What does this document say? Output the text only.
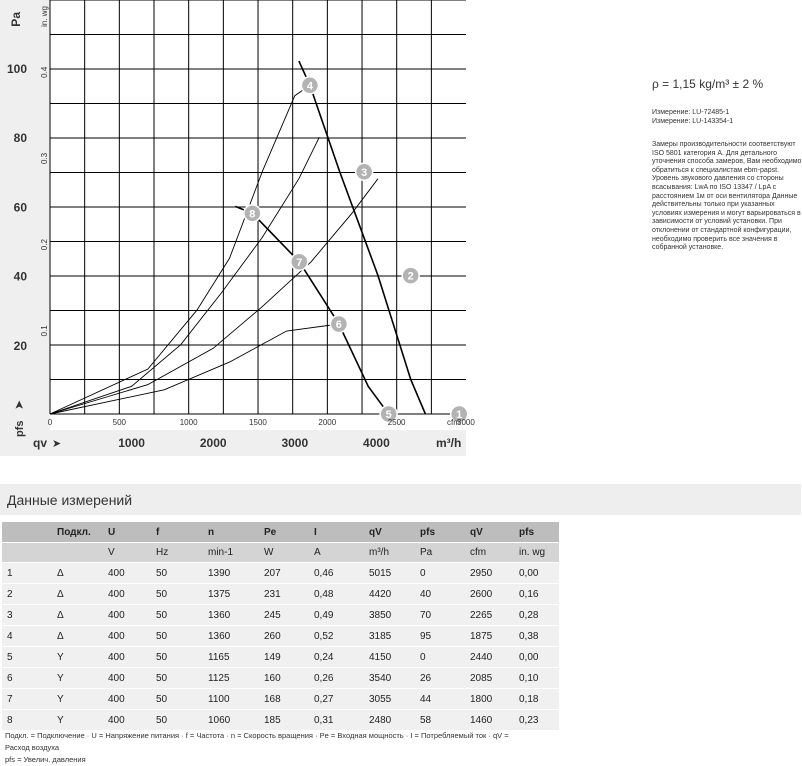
1
2
3
4
5
6
7
8
20
40
60
80
100
1000	2000	3000	4000
0	500	1000	1500	2000	2500	3000
0.1
0.2
0.3
0.4
Pa in. wg
pfs
➤
qv ➤	m³/h
cfm
ρ = 1,15 kg/m³ ± 2 %
Измерение: LU-72485-1
Измерение: LU-143354-1
Замеры производительности соответствуют ISO 5801 категория A. Для детального уточнения способа замеров, Вам необходимо обратиться к специалистам ebm-papst. Уровень звукового давления со стороны всасывания: LwA по ISO 13347 / LpA с расстоянием 1м от оси вентилятора Данные действительны только при указанных условиях измерения и могут варьироваться в зависимости от условий установки. При отклонении от стандартной конфигурации, необходимо проверить все значения в собранной установке.
Данные измерений
	Подкл.	U	f	n	Pe	I	qV	pfs	qV	pfs
		V	Hz	min-1	W	A	m³/h	Pa	cfm	in. wg
1	Δ	400	50	1390	207	0,46	5015	0	2950	0,00
2	Δ	400	50	1375	231	0,48	4420	40	2600	0,16
3	Δ	400	50	1360	245	0,49	3850	70	2265	0,28
4	Δ	400	50	1360	260	0,52	3185	95	1875	0,38
5	Y	400	50	1165	149	0,24	4150	0	2440	0,00
6	Y	400	50	1125	160	0,26	3540	26	2085	0,10
7	Y	400	50	1100	168	0,27	3055	44	1800	0,18
8	Y	400	50	1060	185	0,31	2480	58	1460	0,23
Подкл. = Подключение · U = Напряжение питания · f = Частота · n = Скорость вращения · Pe = Входная мощность · I = Потребляемый ток · qV = Расход воздуха
pfs = Увелич. давления
